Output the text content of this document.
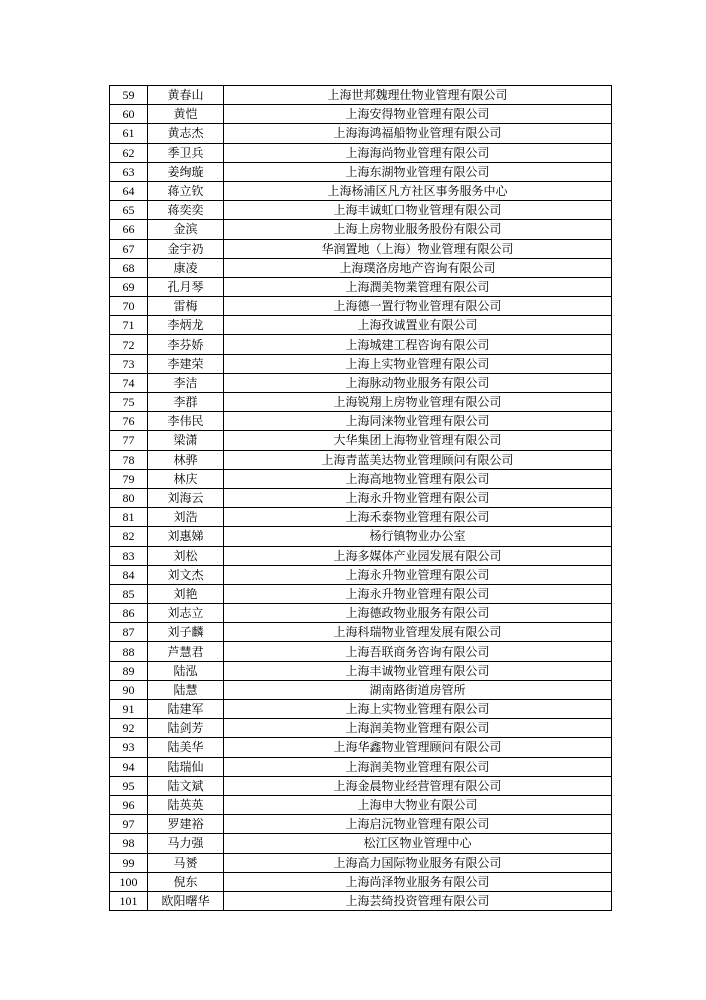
59	黄春山	上海世邦魏理仕物业管理有限公司
60	黄恺	上海安得物业管理有限公司
61	黄志杰	上海海鸿福船物业管理有限公司
62	季卫兵	上海海尚物业管理有限公司
63	姜绚璇	上海东湖物业管理有限公司
64	蒋立钦	上海杨浦区凡方社区事务服务中心
65	蒋奕奕	上海丰诚虹口物业管理有限公司
66	金滨	上海上房物业服务股份有限公司
67	金宇礽	华润置地（上海）物业管理有限公司
68	康凌	上海璞洛房地产咨询有限公司
69	孔月琴	上海潤美物業管理有限公司
70	雷梅	上海德一置行物业管理有限公司
71	李炳龙	上海孜诚置业有限公司
72	李芬娇	上海城建工程咨询有限公司
73	李建荣	上海上实物业管理有限公司
74	李洁	上海脉动物业服务有限公司
75	李群	上海锐翔上房物业管理有限公司
76	李伟民	上海同涞物业管理有限公司
77	梁潇	大华集团上海物业管理有限公司
78	林骅	上海青蓝美达物业管理顾问有限公司
79	林庆	上海高地物业管理有限公司
80	刘海云	上海永升物业管理有限公司
81	刘浩	上海禾泰物业管理有限公司
82	刘惠娣	杨行镇物业办公室
83	刘松	上海多媒体产业园发展有限公司
84	刘文杰	上海永升物业管理有限公司
85	刘艳	上海永升物业管理有限公司
86	刘志立	上海德政物业服务有限公司
87	刘子麟	上海科瑞物业管理发展有限公司
88	芦慧君	上海吾联商务咨询有限公司
89	陆泓	上海丰诚物业管理有限公司
90	陆慧	湖南路街道房管所
91	陆建军	上海上实物业管理有限公司
92	陆剑芳	上海润美物业管理有限公司
93	陆美华	上海华鑫物业管理顾问有限公司
94	陆瑞仙	上海润美物业管理有限公司
95	陆文斌	上海金晨物业经营管理有限公司
96	陆英英	上海申大物业有限公司
97	罗建裕	上海启沅物业管理有限公司
98	马力强	松江区物业管理中心
99	马赟	上海高力国际物业服务有限公司
100	倪东	上海尚泽物业服务有限公司
101	欧阳曙华	上海芸绮投资管理有限公司
